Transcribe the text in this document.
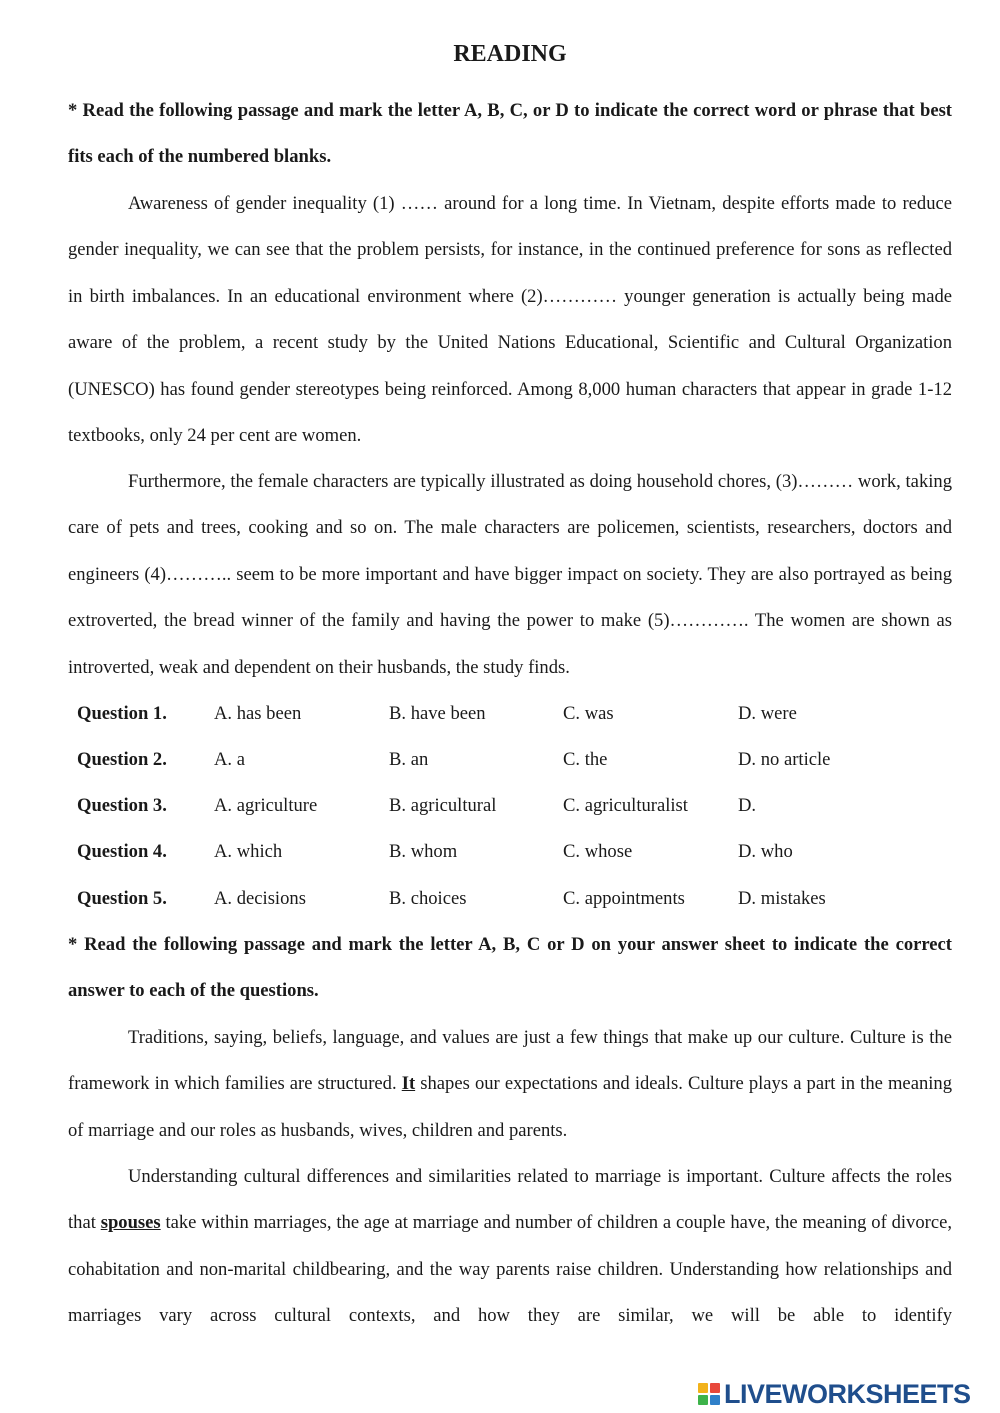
READING

* Read the following passage and mark the letter A, B, C, or D to indicate the correct word or phrase that best fits each of the numbered blanks.

Awareness of gender inequality (1) …… around for a long time. In Vietnam, despite efforts made to reduce gender inequality, we can see that the problem persists, for instance, in the continued preference for sons as reflected in birth imbalances. In an educational environment where (2)………… younger generation is actually being made aware of the problem, a recent study by the United Nations Educational, Scientific and Cultural Organization (UNESCO) has found gender stereotypes being reinforced. Among 8,000 human characters that appear in grade 1-12 textbooks, only 24 per cent are women.

Furthermore, the female characters are typically illustrated as doing household chores, (3)……… work, taking care of pets and trees, cooking and so on. The male characters are policemen, scientists, researchers, doctors and engineers (4)……….. seem to be more important and have bigger impact on society. They are also portrayed as being extroverted, the bread winner of the family and having the power to make (5)…………. The women are shown as introverted, weak and dependent on their husbands, the study finds.

Question 1.	A. has been	B. have been	C. was	D. were
Question 2.	A. a	B. an	C. the	D. no article
Question 3.	A. agriculture	B. agricultural	C. agriculturalist	D.
Question 4.	A. which	B. whom	C. whose	D. who
Question 5.	A. decisions	B. choices	C. appointments	D. mistakes

* Read the following passage and mark the letter A, B, C or D on your answer sheet to indicate the correct answer to each of the questions.

Traditions, saying, beliefs, language, and values are just a few things that make up our culture. Culture is the framework in which families are structured. It shapes our expectations and ideals. Culture plays a part in the meaning of marriage and our roles as husbands, wives, children and parents.

Understanding cultural differences and similarities related to marriage is important. Culture affects the roles that spouses take within marriages, the age at marriage and number of children a couple have, the meaning of divorce, cohabitation and non-marital childbearing, and the way parents raise children. Understanding how relationships and marriages vary across cultural contexts, and how they are similar, we will be able to identify

LIVEWORKSHEETS
